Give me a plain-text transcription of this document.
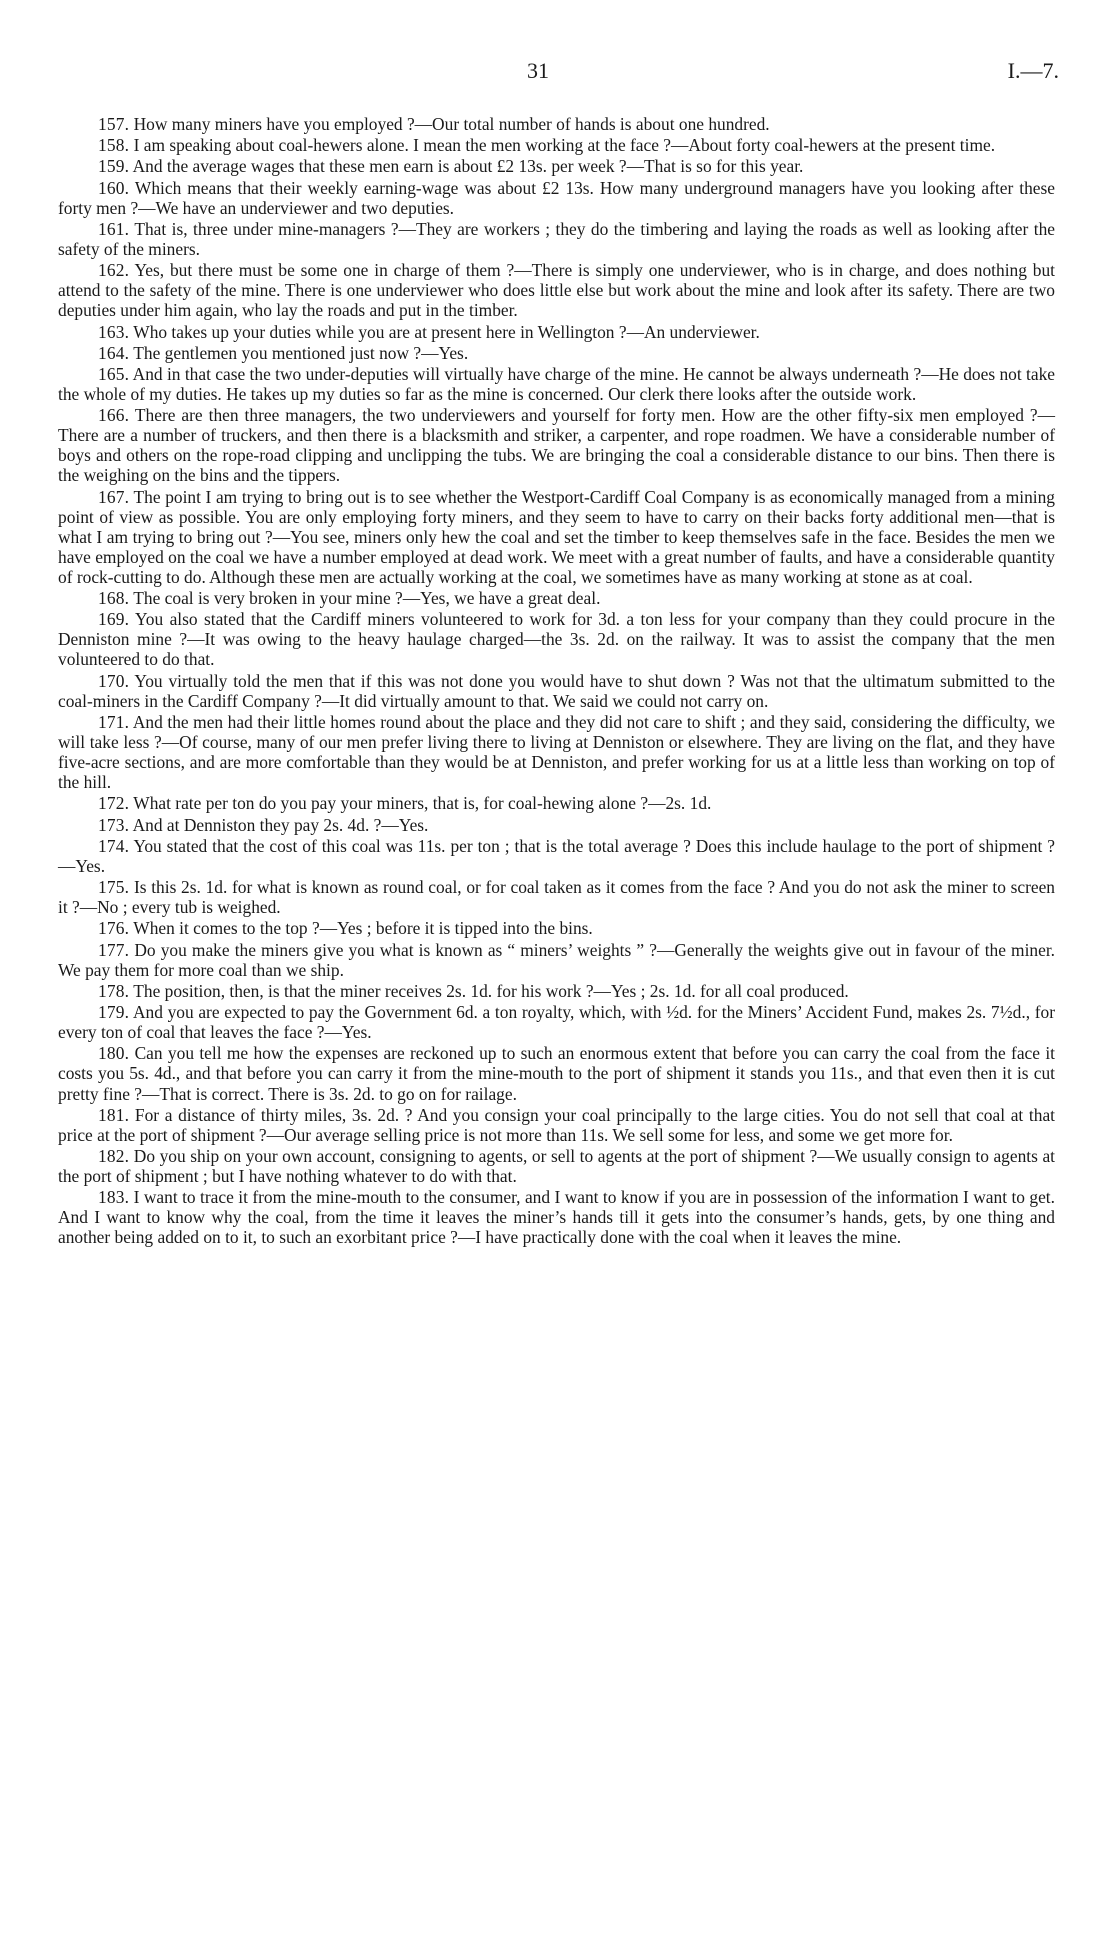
31	I.—7.

157. How many miners have you employed ?—Our total number of hands is about one hundred.

158. I am speaking about coal-hewers alone. I mean the men working at the face ?—About forty coal-hewers at the present time.

159. And the average wages that these men earn is about £2 13s. per week ?—That is so for this year.

160. Which means that their weekly earning-wage was about £2 13s. How many underground managers have you looking after these forty men ?—We have an underviewer and two deputies.

161. That is, three under mine-managers ?—They are workers ; they do the timbering and laying the roads as well as looking after the safety of the miners.

162. Yes, but there must be some one in charge of them ?—There is simply one underviewer, who is in charge, and does nothing but attend to the safety of the mine. There is one underviewer who does little else but work about the mine and look after its safety. There are two deputies under him again, who lay the roads and put in the timber.

163. Who takes up your duties while you are at present here in Wellington ?—An underviewer.

164. The gentlemen you mentioned just now ?—Yes.

165. And in that case the two under-deputies will virtually have charge of the mine. He cannot be always underneath ?—He does not take the whole of my duties. He takes up my duties so far as the mine is concerned. Our clerk there looks after the outside work.

166. There are then three managers, the two underviewers and yourself for forty men. How are the other fifty-six men employed ?—There are a number of truckers, and then there is a blacksmith and striker, a carpenter, and rope roadmen. We have a considerable number of boys and others on the rope-road clipping and unclipping the tubs. We are bringing the coal a considerable distance to our bins. Then there is the weighing on the bins and the tippers.

167. The point I am trying to bring out is to see whether the Westport-Cardiff Coal Company is as economically managed from a mining point of view as possible. You are only employing forty miners, and they seem to have to carry on their backs forty additional men—that is what I am trying to bring out ?—You see, miners only hew the coal and set the timber to keep themselves safe in the face. Besides the men we have employed on the coal we have a number employed at dead work. We meet with a great number of faults, and have a considerable quantity of rock-cutting to do. Although these men are actually working at the coal, we sometimes have as many working at stone as at coal.

168. The coal is very broken in your mine ?—Yes, we have a great deal.

169. You also stated that the Cardiff miners volunteered to work for 3d. a ton less for your company than they could procure in the Denniston mine ?—It was owing to the heavy haulage charged—the 3s. 2d. on the railway. It was to assist the company that the men volunteered to do that.

170. You virtually told the men that if this was not done you would have to shut down ? Was not that the ultimatum submitted to the coal-miners in the Cardiff Company ?—It did virtually amount to that. We said we could not carry on.

171. And the men had their little homes round about the place and they did not care to shift ; and they said, considering the difficulty, we will take less ?—Of course, many of our men prefer living there to living at Denniston or elsewhere. They are living on the flat, and they have five-acre sections, and are more comfortable than they would be at Denniston, and prefer working for us at a little less than working on top of the hill.

172. What rate per ton do you pay your miners, that is, for coal-hewing alone ?—2s. 1d.

173. And at Denniston they pay 2s. 4d. ?—Yes.

174. You stated that the cost of this coal was 11s. per ton ; that is the total average ? Does this include haulage to the port of shipment ?—Yes.

175. Is this 2s. 1d. for what is known as round coal, or for coal taken as it comes from the face ? And you do not ask the miner to screen it ?—No ; every tub is weighed.

176. When it comes to the top ?—Yes ; before it is tipped into the bins.

177. Do you make the miners give you what is known as “ miners’ weights ” ?—Generally the weights give out in favour of the miner. We pay them for more coal than we ship.

178. The position, then, is that the miner receives 2s. 1d. for his work ?—Yes ; 2s. 1d. for all coal produced.

179. And you are expected to pay the Government 6d. a ton royalty, which, with ½d. for the Miners’ Accident Fund, makes 2s. 7½d., for every ton of coal that leaves the face ?—Yes.

180. Can you tell me how the expenses are reckoned up to such an enormous extent that before you can carry the coal from the face it costs you 5s. 4d., and that before you can carry it from the mine-mouth to the port of shipment it stands you 11s., and that even then it is cut pretty fine ?—That is correct. There is 3s. 2d. to go on for railage.

181. For a distance of thirty miles, 3s. 2d. ? And you consign your coal principally to the large cities. You do not sell that coal at that price at the port of shipment ?—Our average selling price is not more than 11s. We sell some for less, and some we get more for.

182. Do you ship on your own account, consigning to agents, or sell to agents at the port of shipment ?—We usually consign to agents at the port of shipment ; but I have nothing whatever to do with that.

183. I want to trace it from the mine-mouth to the consumer, and I want to know if you are in possession of the information I want to get. And I want to know why the coal, from the time it leaves the miner’s hands till it gets into the consumer’s hands, gets, by one thing and another being added on to it, to such an exorbitant price ?—I have practically done with the coal when it leaves the mine.
